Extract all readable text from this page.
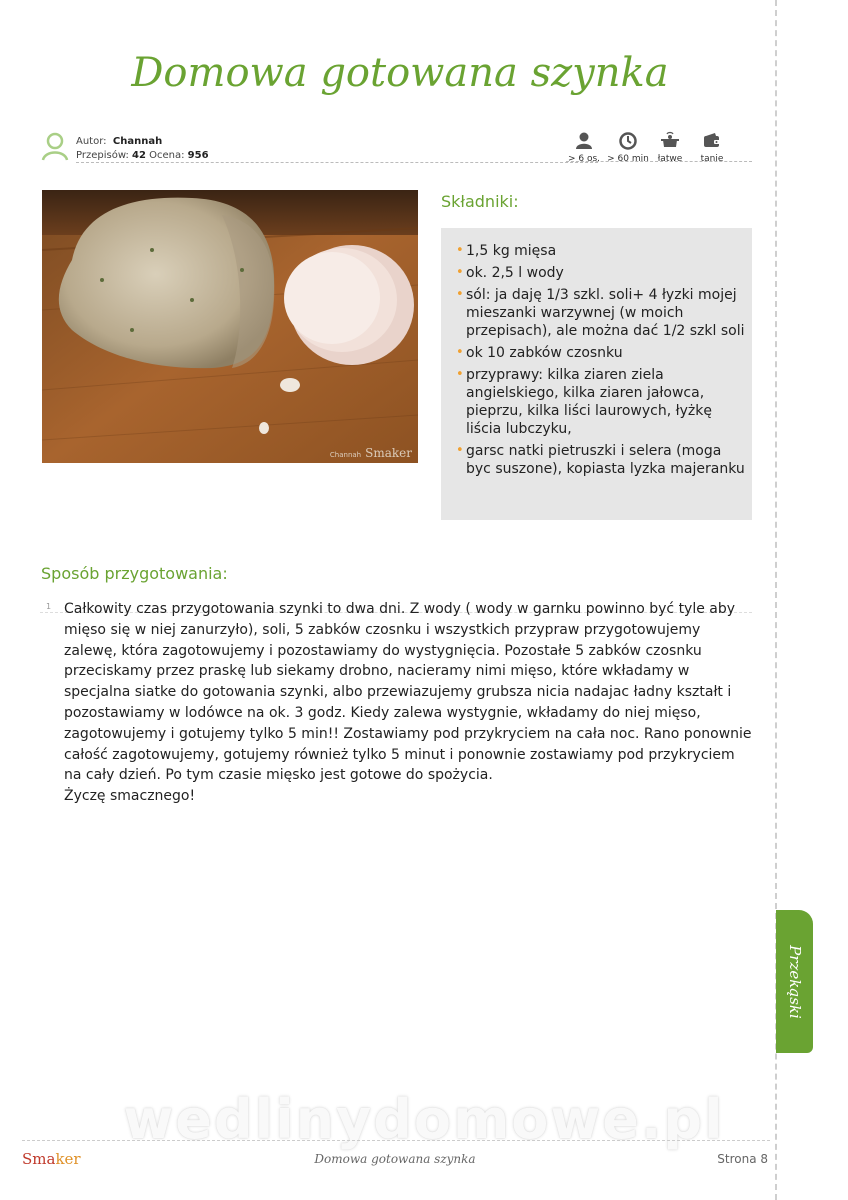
Domowa gotowana szynka
Autor: Channah
Przepisów: 42 Ocena: 956	> 6 os. > 60 min łatwe	tanie
Channah Smaker
Składniki:
• 1,5 kg mięsa
• ok. 2,5 l wody
• sól: ja daję 1/3 szkl. soli+ 4 łyzki mojej mieszanki warzywnej (w moich przepisach), ale można dać 1/2 szkl soli
• ok 10 zabków czosnku
• przyprawy: kilka ziaren ziela angielskiego, kilka ziaren jałowca, pieprzu, kilka liści laurowych, łyżkę liścia lubczyku,
• garsc natki pietruszki i selera (moga byc suszone), kopiasta lyzka majeranku
Sposób przygotowania:
1 Całkowity czas przygotowania szynki to dwa dni. Z wody ( wody w garnku powinno być tyle aby mięso się w niej zanurzyło), soli, 5 zabków czosnku i wszystkich przypraw przygotowujemy zalewę, która zagotowujemy i pozostawiamy do wystygnięcia. Pozostałe 5 zabków czosnku przeciskamy przez praskę lub siekamy drobno, nacieramy nimi mięso, które wkładamy w specjalna siatke do gotowania szynki, albo przewiazujemy grubsza nicia nadajac ładny kształt i pozostawiamy w lodówce na ok. 3 godz. Kiedy zalewa wystygnie, wkładamy do niej mięso, zagotowujemy i gotujemy tylko 5 min!! Zostawiamy pod przykryciem na cała noc. Rano ponownie całość zagotowujemy, gotujemy również tylko 5 minut i ponownie zostawiamy pod przykryciem na cały dzień. Po tym czasie mięsko jest gotowe do spożycia.

Życzę smacznego!

Przekąski
wedlinydomowe.pl
Smaker	Domowa gotowana szynka	Strona 8
